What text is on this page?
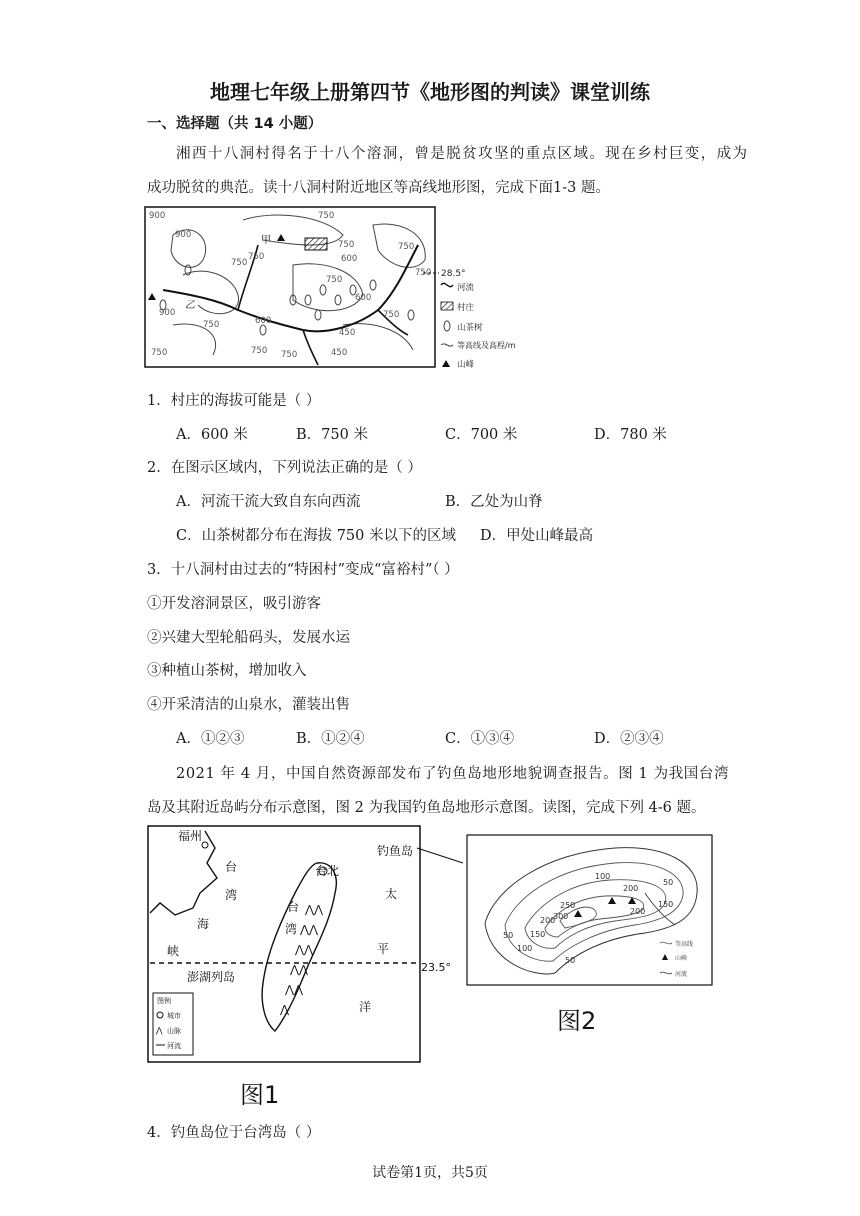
地理七年级上册第四节《地形图的判读》课堂训练
一、选择题（共 14 小题）
湘西十八洞村得名于十八个溶洞，曾是脱贫攻坚的重点区域。现在乡村巨变，成为
成功脱贫的典范。读十八洞村附近地区等高线地形图，完成下面1-3 题。
甲
乙
900
750
750
900
750
750	750
600
750
600
900
750
600
450
750 750	450
750
750
750
28.5°
河流
村庄
山茶树
等高线及高程/m
山峰
1．村庄的海拔可能是（ ）
A．600 米	B．750 米	C．700 米	D．780 米
2．在图示区域内，下列说法正确的是（ ）
A．河流干流大致自东向西流	B．乙处为山脊
C．山茶树都分布在海拔 750 米以下的区域 D．甲处山峰最高
3．十八洞村由过去的“特困村”变成“富裕村”（ ）
①开发溶洞景区，吸引游客
②兴建大型轮船码头，发展水运
③种植山茶树，增加收入
④开采清洁的山泉水，灌装出售
A．①②③	B．①②④	C．①③④	D．②③④
2021 年 4 月，中国自然资源部发布了钓鱼岛地形地貌调查报告。图 1 为我国台湾
岛及其附近岛屿分布示意图，图 2 为我国钓鱼岛地形示意图。读图，完成下列 4-6 题。
福州
台北
⋀⋀
⋀⋀
⋀⋀
⋀⋀
⋀⋀
⋀
台
湾
台
湾
海
峡
太
平
洋
23.5°
澎湖列岛
钓鱼岛
图例
城市
⋀ 山脉
河流
图1
100
50
200
300
250
200
150
50
100
150
200
50
等高线
山峰
河流
图2
4．钓鱼岛位于台湾岛（ ）
试卷第1页，共5页
